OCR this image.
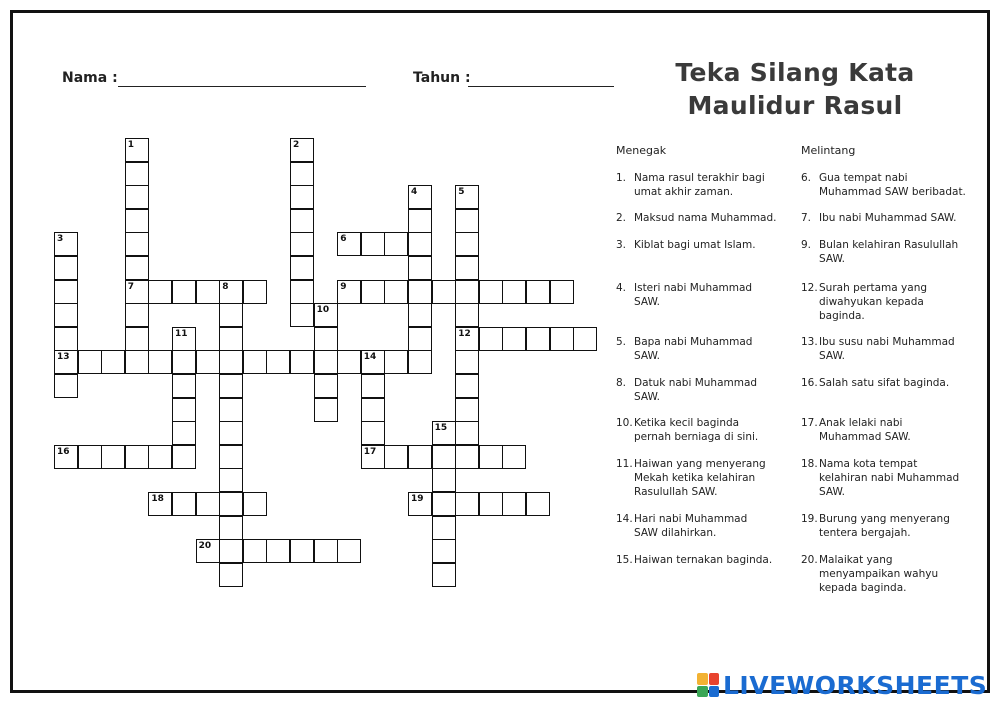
Nama :	Tahun :	Teka Silang Kata
Maulidur Rasul
1	2
3
4	5
6
7	8	9
10
11	12
13	14
15
16	17
18	19
20
Menegak	Melintang
1. Nama rasul terakhir bagi
umat akhir zaman.
2. Maksud nama Muhammad.
3. Kiblat bagi umat Islam.
4. Isteri nabi Muhammad
SAW.
5. Bapa nabi Muhammad
SAW.
8. Datuk nabi Muhammad
SAW.
10.Ketika kecil baginda
pernah berniaga di sini.
11.Haiwan yang menyerang
Mekah ketika kelahiran
Rasulullah SAW.
14.Hari nabi Muhammad
SAW dilahirkan.
15.Haiwan ternakan baginda.
6. Gua tempat nabi
Muhammad SAW beribadat.
7. Ibu nabi Muhammad SAW.
9. Bulan kelahiran Rasulullah
SAW.
12.Surah pertama yang
diwahyukan kepada
baginda.
13.Ibu susu nabi Muhammad
SAW.
16.Salah satu sifat baginda.
17.Anak lelaki nabi
Muhammad SAW.
18.Nama kota tempat
kelahiran nabi Muhammad
SAW.
19.Burung yang menyerang
tentera bergajah.
20.Malaikat yang
menyampaikan wahyu
kepada baginda.
LIVEWORKSHEETS
